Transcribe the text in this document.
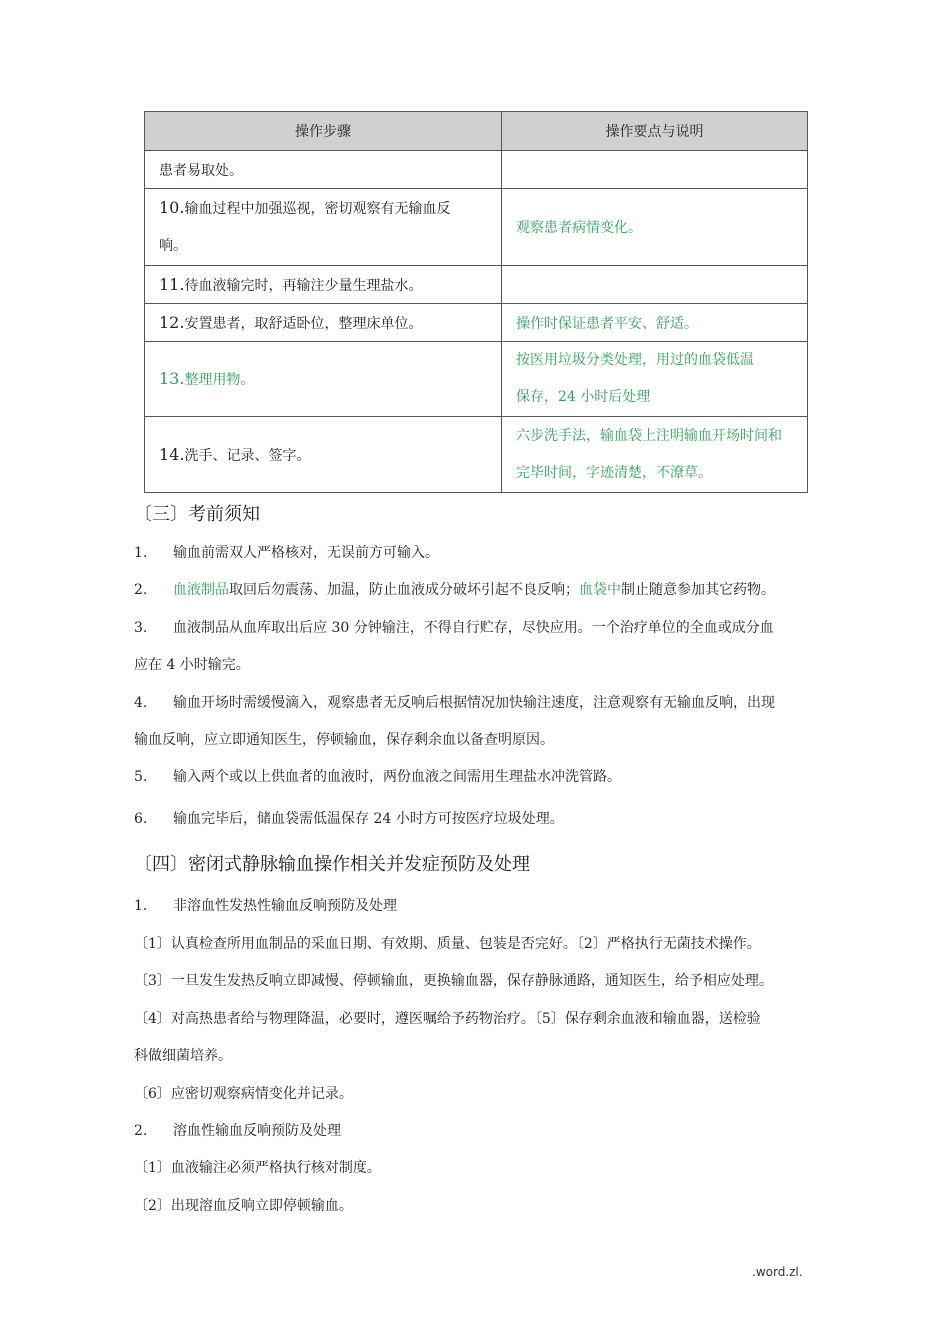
操作步骤	操作要点与说明
患者易取处。	
10.输血过程中加强巡视，密切观察有无输血反
响。	观察患者病情变化。
11.待血液输完时，再输注少量生理盐水。	
12.安置患者，取舒适卧位，整理床单位。	操作时保证患者平安、舒适。
13.整理用物。	按医用垃圾分类处理，用过的血袋低温
保存，24 小时后处理
14.洗手、记录、签字。	六步洗手法，输血袋上注明输血开场时间和
完毕时间，字迹清楚，不潦草。
〔三〕考前须知
1. 输血前需双人严格核对，无误前方可输入。
2. 血液制品取回后勿震荡、加温，防止血液成分破坏引起不良反响；血袋中制止随意参加其它药物。
3. 血液制品从血库取出后应 30 分钟输注，不得自行贮存，尽快应用。一个治疗单位的全血或成分血
应在 4 小时输完。
4. 输血开场时需缓慢滴入，观察患者无反响后根据情况加快输注速度，注意观察有无输血反响，出现
输血反响，应立即通知医生，停顿输血，保存剩余血以备查明原因。
5. 输入两个或以上供血者的血液时，两份血液之间需用生理盐水冲洗管路。
6. 输血完毕后，储血袋需低温保存 24 小时方可按医疗垃圾处理。
〔四〕密闭式静脉输血操作相关并发症预防及处理
1. 非溶血性发热性输血反响预防及处理
〔1〕认真检查所用血制品的采血日期、有效期、质量、包装是否完好。〔2〕严格执行无菌技术操作。
〔3〕一旦发生发热反响立即减慢、停顿输血，更换输血器，保存静脉通路，通知医生，给予相应处理。
〔4〕对高热患者给与物理降温，必要时，遵医嘱给予药物治疗。〔5〕保存剩余血液和输血器，送检验
科做细菌培养。
〔6〕应密切观察病情变化并记录。
2. 溶血性输血反响预防及处理
〔1〕血液输注必须严格执行核对制度。
〔2〕出现溶血反响立即停顿输血。
.word.zl.
